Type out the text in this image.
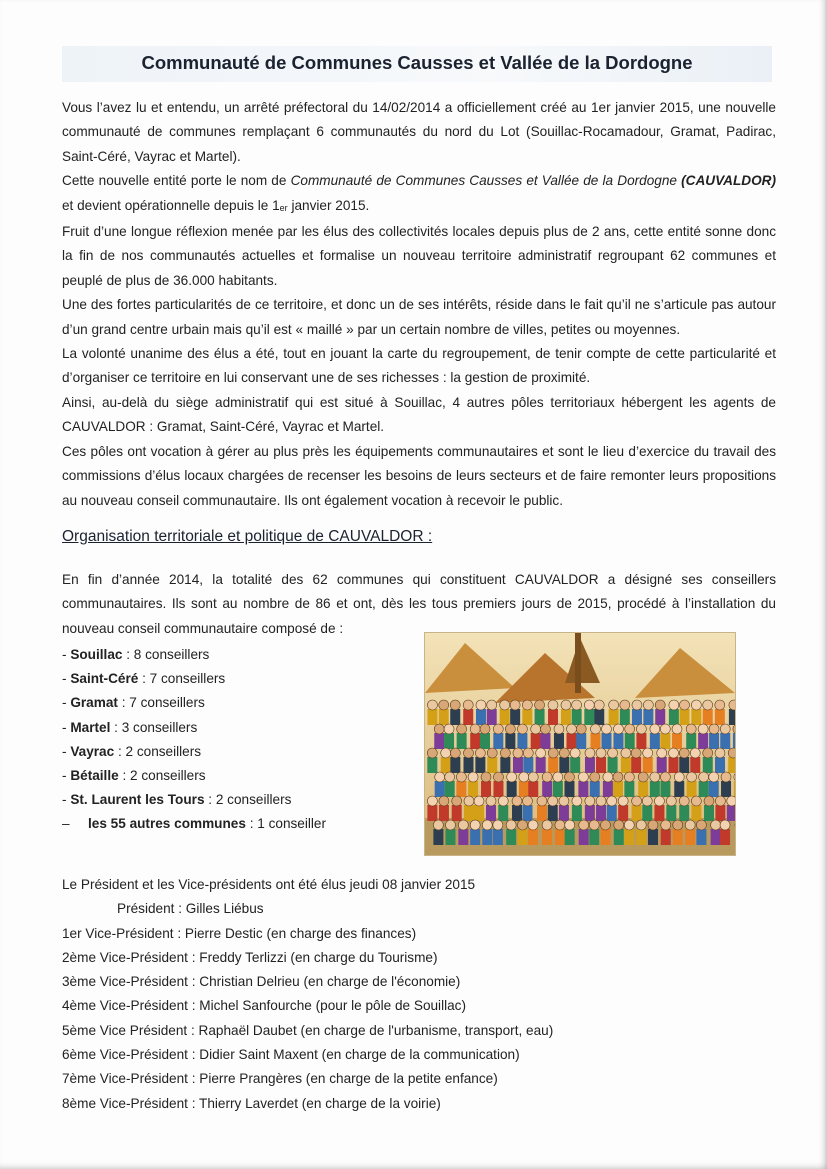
Communauté de Communes Causses et Vallée de la Dordogne

Vous l’avez lu et entendu, un arrêté préfectoral du 14/02/2014 a officiellement créé au 1er janvier 2015, une nouvelle communauté de communes remplaçant 6 communautés du nord du Lot (Souillac-Rocamadour, Gramat, Padirac, Saint-Céré, Vayrac et Martel).

Cette nouvelle entité porte le nom de Communauté de Communes Causses et Vallée de la Dordogne (CAUVALDOR) et devient opérationnelle depuis le 1er janvier 2015.

Fruit d’une longue réflexion menée par les élus des collectivités locales depuis plus de 2 ans, cette entité sonne donc la fin de nos communautés actuelles et formalise un nouveau territoire administratif regroupant 62 communes et peuplé de plus de 36.000 habitants.

Une des fortes particularités de ce territoire, et donc un de ses intérêts, réside dans le fait qu’il ne s’articule pas autour d’un grand centre urbain mais qu’il est « maillé » par un certain nombre de villes, petites ou moyennes.

La volonté unanime des élus a été, tout en jouant la carte du regroupement, de tenir compte de cette particularité et d’organiser ce territoire en lui conservant une de ses richesses : la gestion de proximité.

Ainsi, au-delà du siège administratif qui est situé à Souillac, 4 autres pôles territoriaux hébergent les agents de CAUVALDOR : Gramat, Saint-Céré, Vayrac et Martel.

Ces pôles ont vocation à gérer au plus près les équipements communautaires et sont le lieu d’exercice du travail des commissions d’élus locaux chargées de recenser les besoins de leurs secteurs et de faire remonter leurs propositions au nouveau conseil communautaire. Ils ont également vocation à recevoir le public.

Organisation territoriale et politique de CAUVALDOR :

En fin d’année 2014, la totalité des 62 communes qui constituent CAUVALDOR a désigné ses conseillers communautaires. Ils sont au nombre de 86 et ont, dès les tous premiers jours de 2015, procédé à l’installation du nouveau conseil communautaire composé de :

- Souillac : 8 conseillers
- Saint-Céré : 7 conseillers
- Gramat : 7 conseillers
- Martel : 3 conseillers
- Vayrac : 2 conseillers
- Bétaille : 2 conseillers
- St. Laurent les Tours : 2 conseillers
– les 55 autres communes : 1 conseiller
Le Président et les Vice-présidents ont été élus jeudi 08 janvier 2015
Président : Gilles Liébus
1er Vice-Président : Pierre Destic (en charge des finances)
2ème Vice-Président : Freddy Terlizzi (en charge du Tourisme)
3ème Vice-Président : Christian Delrieu (en charge de l'économie)
4ème Vice-Président : Michel Sanfourche (pour le pôle de Souillac)
5ème Vice Président : Raphaël Daubet (en charge de l'urbanisme, transport, eau)
6ème Vice-Président : Didier Saint Maxent (en charge de la communication)
7ème Vice-Président : Pierre Prangères (en charge de la petite enfance)
8ème Vice-Président : Thierry Laverdet (en charge de la voirie)
